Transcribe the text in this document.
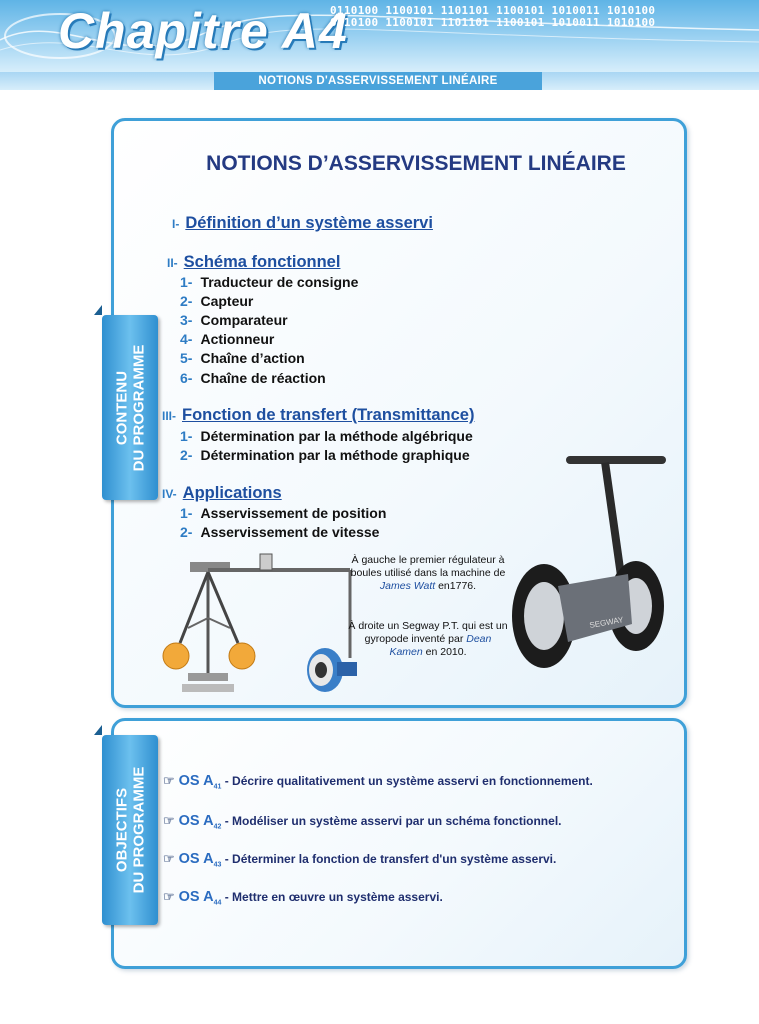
Chapitre A4
0110100 1100101 1101101 1100101 1010011 1010100
0110100 1100101 1101101 1100101 1010011 1010100
NOTIONS D'ASSERVISSEMENT LINÉAIRE
CONTENU
DU PROGRAMME
NOTIONS D’ASSERVISSEMENT LINÉAIRE
I- Définition d’un système asservi
II- Schéma fonctionnel
1- Traducteur de consigne
2- Capteur
3- Comparateur
4- Actionneur
5- Chaîne d’action
6- Chaîne de réaction
III- Fonction de transfert (Transmittance)
1- Détermination par la méthode algébrique
2- Détermination par la méthode graphique
IV- Applications
1- Asservissement de position
2- Asservissement de vitesse
À gauche le premier régulateur à boules utilisé dans la machine de James Watt en1776.
À droite un Segway P.T. qui est un gyropode inventé par Dean Kamen en 2010.
SEGWAY
OBJECTIFS
DU PROGRAMME ☞ OS $A_{41}$ - Décrire qualitativement un système asservi en fonctionnement.
☞ OS $A_{42}$ - Modéliser un système asservi par un schéma fonctionnel.
☞ OS $A_{43}$ - Déterminer la fonction de transfert d'un système asservi.
☞ OS $A_{44}$ - Mettre en œuvre un système asservi.
